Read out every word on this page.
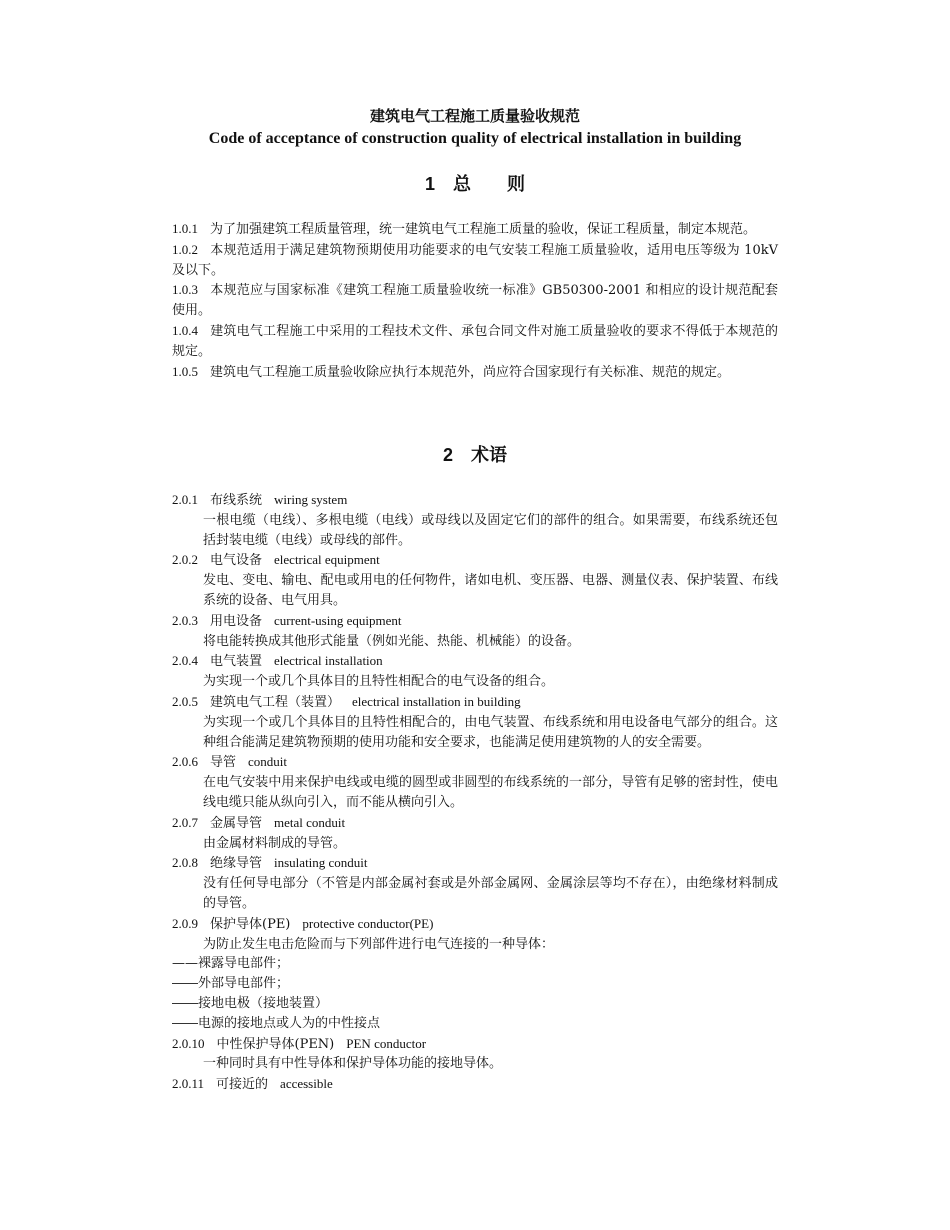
建筑电气工程施工质量验收规范
Code of acceptance of construction quality of electrical installation in building
1 总　　则

1.0.1 为了加强建筑工程质量管理，统一建筑电气工程施工质量的验收，保证工程质量，制定本规范。

1.0.2 本规范适用于满足建筑物预期使用功能要求的电气安装工程施工质量验收，适用电压等级为 10kV 及以下。

1.0.3 本规范应与国家标准《建筑工程施工质量验收统一标准》GB50300-2001 和相应的设计规范配套使用。

1.0.4 建筑电气工程施工中采用的工程技术文件、承包合同文件对施工质量验收的要求不得低于本规范的规定。

1.0.5 建筑电气工程施工质量验收除应执行本规范外，尚应符合国家现行有关标准、规范的规定。

2 术语

2.0.1 布线系统 wiring system

一根电缆（电线）、多根电缆（电线）或母线以及固定它们的部件的组合。如果需要，布线系统还包括封装电缆（电线）或母线的部件。

2.0.2 电气设备 electrical equipment

发电、变电、输电、配电或用电的任何物件，诸如电机、变压器、电器、测量仪表、保护装置、布线系统的设备、电气用具。

2.0.3 用电设备 current-using equipment

将电能转换成其他形式能量（例如光能、热能、机械能）的设备。

2.0.4 电气装置 electrical installation

为实现一个或几个具体目的且特性相配合的电气设备的组合。

2.0.5 建筑电气工程（装置） electrical installation in building

为实现一个或几个具体目的且特性相配合的，由电气装置、布线系统和用电设备电气部分的组合。这种组合能满足建筑物预期的使用功能和安全要求，也能满足使用建筑物的人的安全需要。

2.0.6 导管 conduit

在电气安装中用来保护电线或电缆的圆型或非圆型的布线系统的一部分，导管有足够的密封性，使电线电缆只能从纵向引入，而不能从横向引入。

2.0.7 金属导管 metal conduit

由金属材料制成的导管。

2.0.8 绝缘导管 insulating conduit

没有任何导电部分（不管是内部金属衬套或是外部金属网、金属涂层等均不存在），由绝缘材料制成的导管。

2.0.9 保护导体(PE) protective conductor(PE)

为防止发生电击危险而与下列部件进行电气连接的一种导体：

——裸露导电部件；

――外部导电部件；

――接地电极（接地装置）

――电源的接地点或人为的中性接点

2.0.10 中性保护导体(PEN) PEN conductor

一种同时具有中性导体和保护导体功能的接地导体。

2.0.11 可接近的 accessible
